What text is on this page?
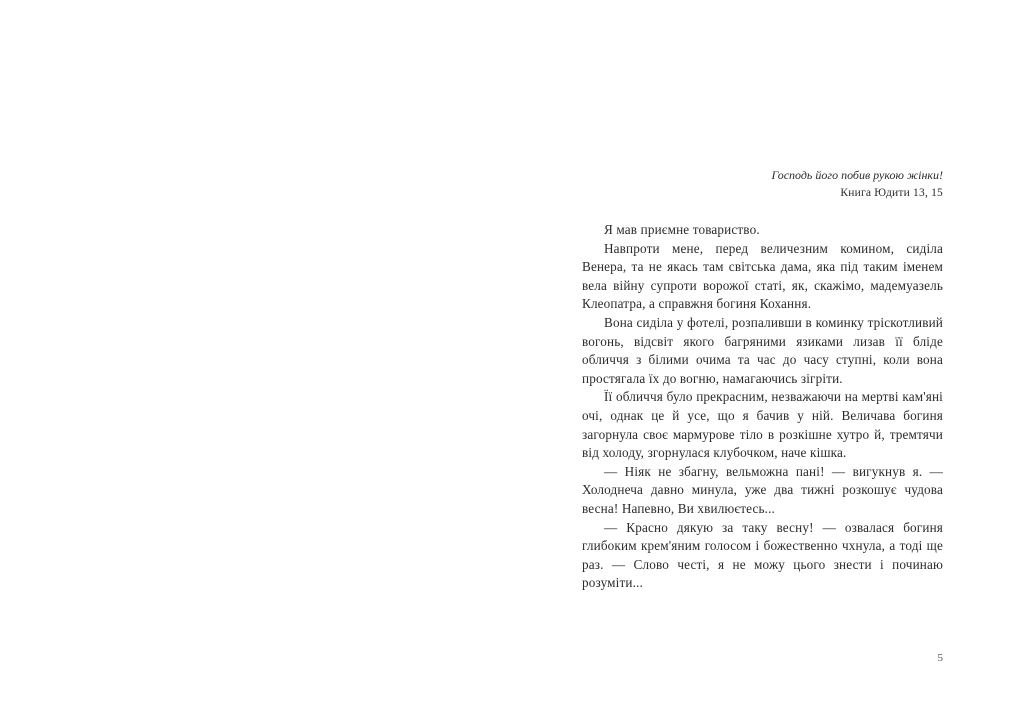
Господь його побив рукою жінки!
Книга Юдити 13, 15

Я мав приємне товариство.

Навпроти мене, перед величезним комином, сиділа Венера, та не якась там світська дама, яка під таким іменем вела війну супроти ворожої статі, як, скажімо, мадемуазель Клеопатра, а справжня богиня Кохання.

Вона сиділа у фотелі, розпаливши в коминку тріскотливий вогонь, відсвіт якого багряними язиками лизав її бліде обличчя з білими очима та час до часу ступні, коли вона простягала їх до вогню, намагаючись зігріти.

Її обличчя було прекрасним, незважаючи на мертві кам'яні очі, однак це й усе, що я бачив у ній. Величава богиня загорнула своє мармурове тіло в розкішне хутро й, тремтячи від холоду, згорнулася клубочком, наче кішка.

— Ніяк не збагну, вельможна пані! — вигукнув я. — Холоднеча давно минула, уже два тижні розкошує чудова весна! Напевно, Ви хвилюєтесь...

— Красно дякую за таку весну! — озвалася богиня глибоким крем'яним голосом і божественно чхнула, а тоді ще раз. — Слово честі, я не можу цього знести і починаю розуміти...

5
